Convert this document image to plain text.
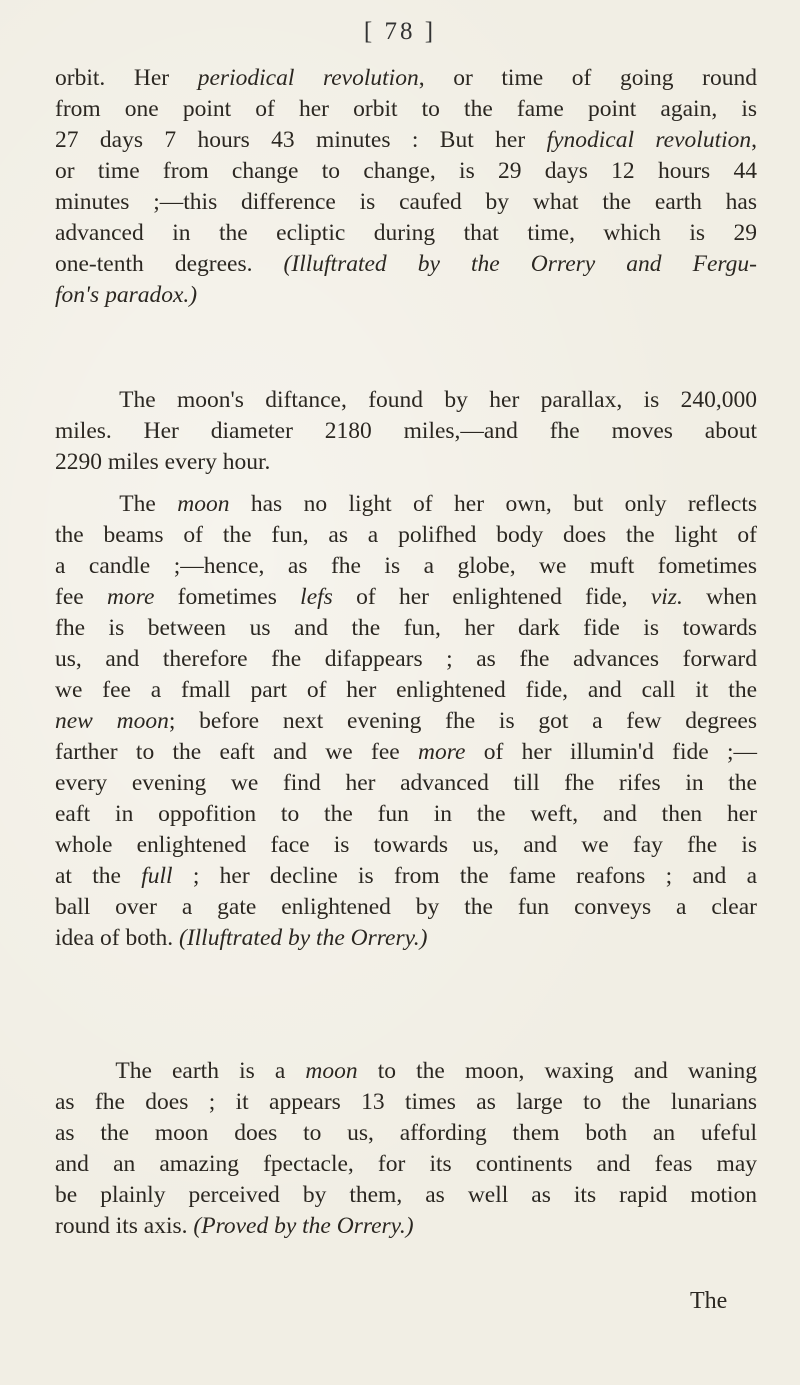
[ 78 ]
orbit. Her periodical revolution, or time of going round
from one point of her orbit to the fame point again, is
27 days 7 hours 43 minutes : But her fynodical revolution,
or time from change to change, is 29 days 12 hours 44
minutes ;—this difference is caufed by what the earth has
advanced in the ecliptic during that time, which is 29
one-tenth degrees. (Illuftrated by the Orrery and Fergu-
fon's paradox.)
The moon's diftance, found by her parallax, is 240,000
miles. Her diameter 2180 miles,—and fhe moves about
2290 miles every hour.
The moon has no light of her own, but only reflects
the beams of the fun, as a polifhed body does the light of
a candle ;—hence, as fhe is a globe, we muft fometimes
fee more fometimes lefs of her enlightened fide, viz. when
fhe is between us and the fun, her dark fide is towards
us, and therefore fhe difappears ; as fhe advances forward
we fee a fmall part of her enlightened fide, and call it the
new moon; before next evening fhe is got a few degrees
farther to the eaft and we fee more of her illumin'd fide ;—
every evening we find her advanced till fhe rifes in the
eaft in oppofition to the fun in the weft, and then her
whole enlightened face is towards us, and we fay fhe is
at the full ; her decline is from the fame reafons ; and a
ball over a gate enlightened by the fun conveys a clear
idea of both. (Illuftrated by the Orrery.)
The earth is a moon to the moon, waxing and waning
as fhe does ; it appears 13 times as large to the lunarians
as the moon does to us, affording them both an ufeful
and an amazing fpectacle, for its continents and feas may
be plainly perceived by them, as well as its rapid motion
round its axis. (Proved by the Orrery.)
The
